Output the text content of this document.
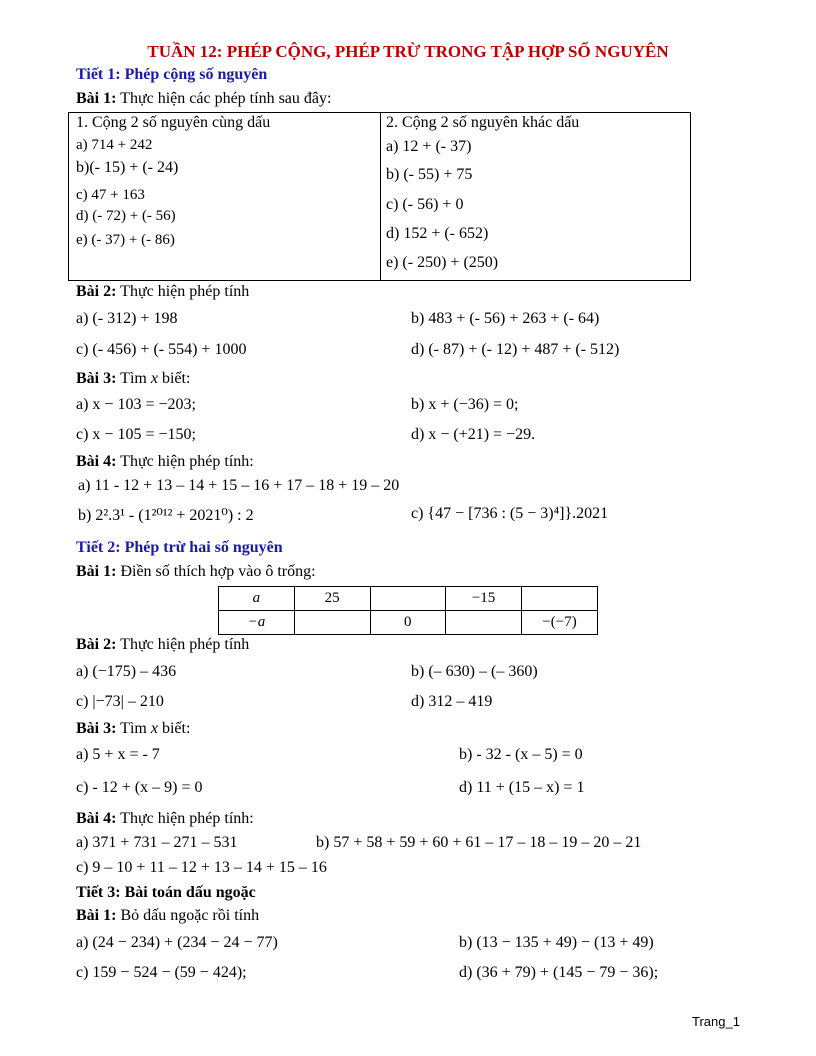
TUẦN 12: PHÉP CỘNG, PHÉP TRỪ TRONG TẬP HỢP SỐ NGUYÊN
Tiết 1: Phép cộng số nguyên
Bài 1: Thực hiện các phép tính sau đây:

1. Cộng 2 số nguyên cùng dấu
a) 714 + 242
b)(- 15) + (- 24)
c) 47 + 163
d) (- 72) + (- 56)
e) (- 37) + (- 86)
2. Cộng 2 số nguyên khác dấu
a) 12 + (- 37)
b) (- 55) + 75
c) (- 56) + 0
d) 152 + (- 652)
e) (- 250) + (250)
Bài 2: Thực hiện phép tính
a) (- 312) + 198	b) 483 + (- 56) + 263 + (- 64)
c) (- 456) + (- 554) + 1000	d) (- 87) + (- 12) + 487 + (- 512)
Bài 3: Tìm x biết:
a) x − 103 = −203;	b) x + (−36) = 0;
c) x − 105 = −150;	d) x − (+21) = −29.
Bài 4: Thực hiện phép tính:
a) 11 - 12 + 13 – 14 + 15 – 16 + 17 – 18 + 19 – 20
b) 2².3¹ - (1²⁰¹² + 2021⁰) : 2	c) {47 − [736 : (5 − 3)⁴]}.2021
Tiết 2: Phép trừ hai số nguyên
Bài 1: Điền số thích hợp vào ô trống:
a	25		−15	
−a		0		−(−7)
Bài 2: Thực hiện phép tính
a) (−175) – 436	b) (– 630) – (– 360)
c) |−73| – 210	d) 312 – 419
Bài 3: Tìm x biết:
a) 5 + x = - 7	b) - 32 - (x – 5) = 0
c) - 12 + (x – 9) = 0	d) 11 + (15 – x) = 1
Bài 4: Thực hiện phép tính:
a) 371 + 731 – 271 – 531	b) 57 + 58 + 59 + 60 + 61 – 17 – 18 – 19 – 20 – 21
c) 9 – 10 + 11 – 12 + 13 – 14 + 15 – 16
Tiết 3: Bài toán dấu ngoặc
Bài 1: Bỏ dấu ngoặc rồi tính
a) (24 − 234) + (234 − 24 − 77)	b) (13 − 135 + 49) − (13 + 49)
c) 159 − 524 − (59 − 424);	d) (36 + 79) + (145 − 79 − 36);
Trang_1
